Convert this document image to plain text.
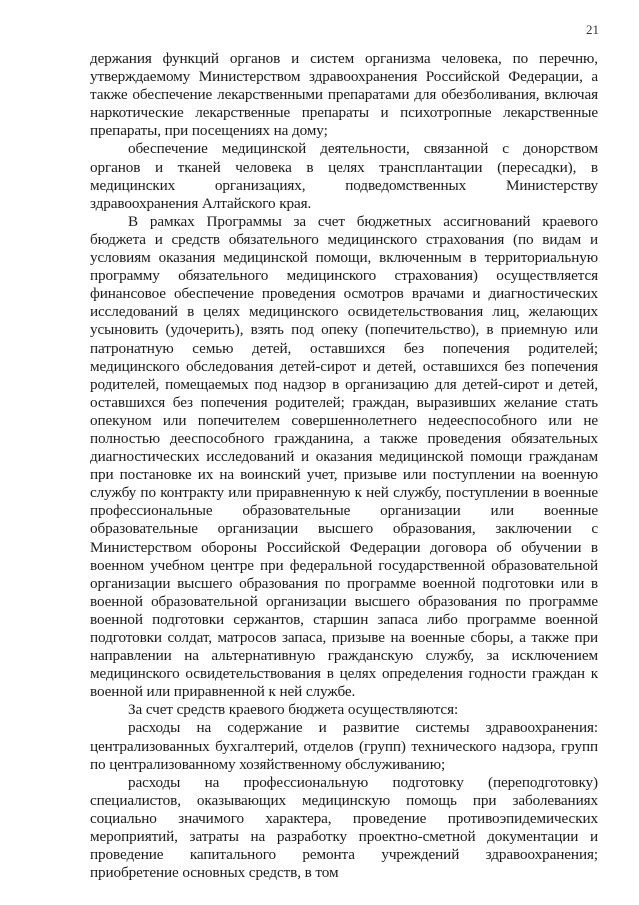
21

держания функций органов и систем организма человека, по перечню, утверждаемому Министерством здравоохранения Российской Федерации, а также обеспечение лекарственными препаратами для обезболивания, включая наркотические лекарственные препараты и психотропные лекарственные препараты, при посещениях на дому;

обеспечение медицинской деятельности, связанной с донорством органов и тканей человека в целях трансплантации (пересадки), в медицинских организациях, подведомственных Министерству здравоохранения Алтайского края.

В рамках Программы за счет бюджетных ассигнований краевого бюджета и средств обязательного медицинского страхования (по видам и условиям оказания медицинской помощи, включенным в территориальную программу обязательного медицинского страхования) осуществляется финансовое обеспечение проведения осмотров врачами и диагностических исследований в целях медицинского освидетельствования лиц, желающих усыновить (удочерить), взять под опеку (попечительство), в приемную или патронатную семью детей, оставшихся без попечения родителей; медицинского обследования детей-сирот и детей, оставшихся без попечения родителей, помещаемых под надзор в организацию для детей-сирот и детей, оставшихся без попечения родителей; граждан, выразивших желание стать опекуном или попечителем совершеннолетнего недееспособного или не полностью дееспособного гражданина, а также проведения обязательных диагностических исследований и оказания медицинской помощи гражданам при постановке их на воинский учет, призыве или поступлении на военную службу по контракту или приравненную к ней службу, поступлении в военные профессиональные образовательные организации или военные образовательные организации высшего образования, заключении с Министерством обороны Российской Федерации договора об обучении в военном учебном центре при федеральной государственной образовательной организации высшего образования по программе военной подготовки или в военной образовательной организации высшего образования по программе военной подготовки сержантов, старшин запаса либо программе военной подготовки солдат, матросов запаса, призыве на военные сборы, а также при направлении на альтернативную гражданскую службу, за исключением медицинского освидетельствования в целях определения годности граждан к военной или приравненной к ней службе.

За счет средств краевого бюджета осуществляются:

расходы на содержание и развитие системы здравоохранения: централизованных бухгалтерий, отделов (групп) технического надзора, групп по централизованному хозяйственному обслуживанию;

расходы на профессиональную подготовку (переподготовку) специалистов, оказывающих медицинскую помощь при заболеваниях социально значимого характера, проведение противоэпидемических мероприятий, затраты на разработку проектно-сметной документации и проведение капитального ремонта учреждений здравоохранения; приобретение основных средств, в том
